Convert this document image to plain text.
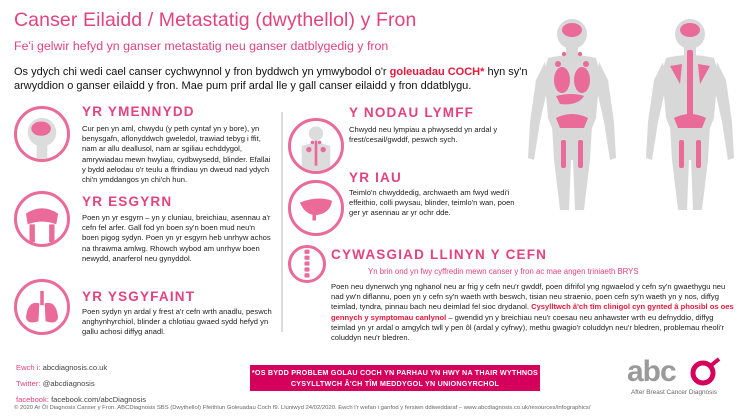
Canser Eilaidd / Metastatig (dwythellol) y Fron
Fe'i gelwir hefyd yn ganser metastatig neu ganser datblygedig y fron
Os ydych chi wedi cael canser cychwynnol y fron byddwch yn ymwybodol o'r goleuadau COCH* hyn sy'n arwyddion o ganser eilaidd y fron. Mae pum prif ardal lle y gall canser eilaidd y fron ddatblygu.
YR YMENNYDD
Cur pen yn aml, chwydu (y peth cyntaf yn y bore), yn benysgafn, aflonyddwch gweledol, trawiad tebyg i ffit, nam ar allu deallusol, nam ar sgiliau echddygol, amrywiadau mewn hwyliau, cydbwysedd, blinder. Efallai y bydd aelodau o'r teulu a ffrindiau yn dweud nad ydych chi'n ymddangos yn chi'ch hun.
YR ESGYRN
Poen yn yr esgyrn – yn y cluniau, breichiau, asennau a'r cefn fel arfer. Gall fod yn boen sy'n boen mud neu'n boen pigog sydyn. Poen yn yr esgyrn heb unrhyw achos na thrawma amlwg. Rhowch wybod am unrhyw boen newydd, anarferol neu gynyddol.
YR YSGYFAINT
Poen sydyn yn ardal y frest a'r cefn wrth anadlu, peswch anghynhyrchiol, blinder a chlotiau gwaed sydd hefyd yn gallu achosi diffyg anadl.
Y NODAU LYMFF
Chwydd neu lympiau a phwysedd yn ardal y frest/cesail/gwddf, peswch sych.
YR IAU
Teimlo'n chwyddedig, archwaeth am fwyd wedi'i effeithio, colli pwysau, blinder, teimlo'n wan, poen ger yr asennau ar yr ochr dde.
CYWASGIAD LLINYN Y CEFN
Yn brin ond yn fwy cyffredin mewn canser y fron ac mae angen triniaeth BRYS
Poen neu dynerwch yng nghanol neu ar frig y cefn neu'r gwddf, poen difrifol yng ngwaelod y cefn sy'n gwaethygu neu nad yw'n diflannu, poen yn y cefn sy'n waeth wrth beswch, tisian neu straenio, poen cefn sy'n waeth yn y nos, diffyg teimlad, tyndra, pinnau bach neu deimlad fel sioc drydanol. Cysylltwch â'ch tîm clinigol cyn gynted â phosibl os oes gennych y symptomau canlynol – gwendid yn y breichiau neu'r coesau neu anhawster wrth eu defnyddio, diffyg teimlad yn yr ardal o amgylch twll y pen ôl (ardal y cyfrwy), methu gwagio'r coluddyn neu'r bledren, problemau rheoli'r coluddyn neu'r bledren.
Ewch i: abcdiagnosis.co.uk
Twitter: @abcdiagnosis
facebook: facebook.com/abcDiagnosis
*OS BYDD PROBLEM GOLAU COCH YN PARHAU YN HWY NA THAIR WYTHNOS
CYSYLLTWCH Â'CH TÎM MEDDYGOL YN UNIONGYRCHOL	abc
After Breast Cancer Diagnosis
© 2020 Ar Ôl Diagnosis Canser y Fron. ABCDiagnosis SBS (Dwythellol) Ffeithlun Goleuadau Coch f9. Lluniwyd 24/02/2020. Ewch i'r wefan i ganfod y fersiwn ddiweddaraf – www.abcdiagnosis.co.uk/resources/infographics/
